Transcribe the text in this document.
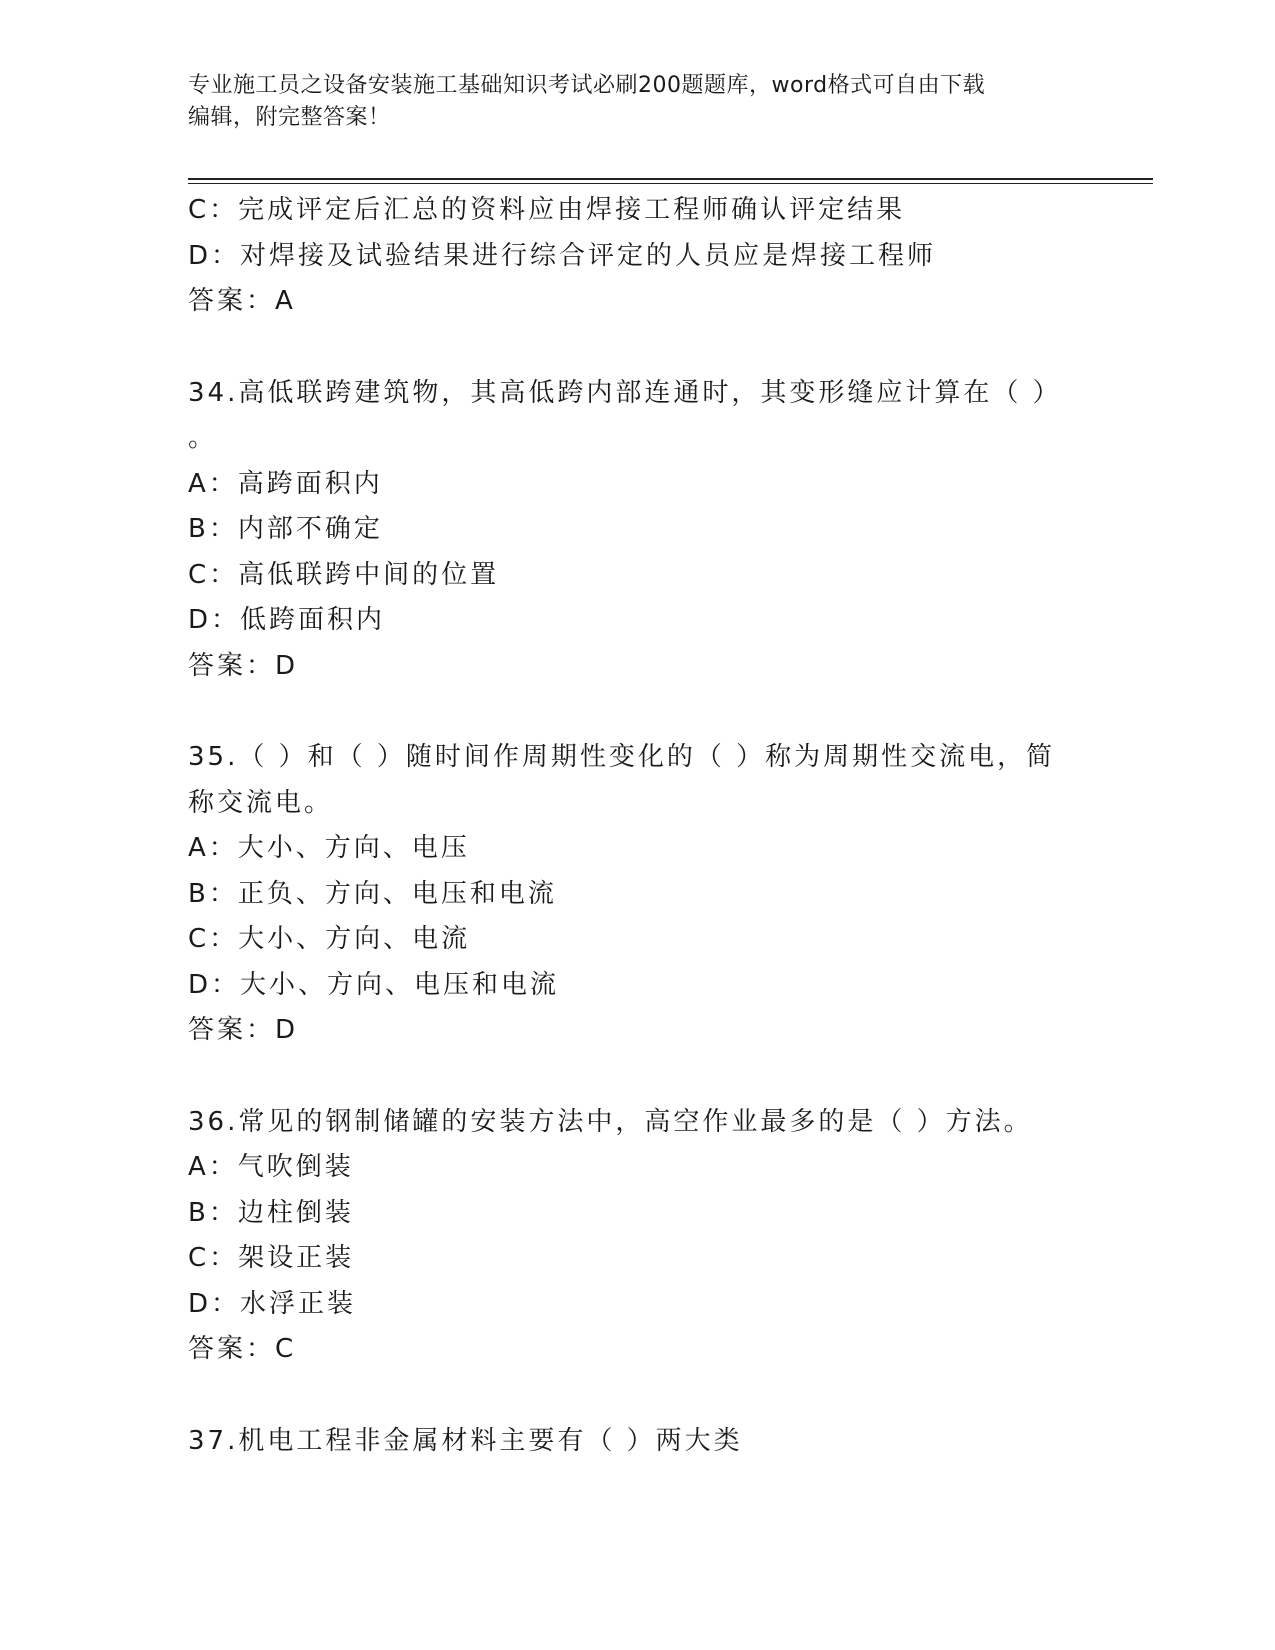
专业施工员之设备安装施工基础知识考试必刷200题题库，word格式可自由下载
编辑，附完整答案！
C：完成评定后汇总的资料应由焊接工程师确认评定结果
D：对焊接及试验结果进行综合评定的人员应是焊接工程师
答案：A
34.高低联跨建筑物，其高低跨内部连通时，其变形缝应计算在（ ）
。
A：高跨面积内
B：内部不确定
C：高低联跨中间的位置
D：低跨面积内
答案：D
35.（ ）和（ ）随时间作周期性变化的（ ）称为周期性交流电，简
称交流电。
A：大小、方向、电压
B：正负、方向、电压和电流
C：大小、方向、电流
D：大小、方向、电压和电流
答案：D
36.常见的钢制储罐的安装方法中，高空作业最多的是（ ）方法。
A：气吹倒装
B：边柱倒装
C：架设正装
D：水浮正装
答案：C
37.机电工程非金属材料主要有（ ）两大类
